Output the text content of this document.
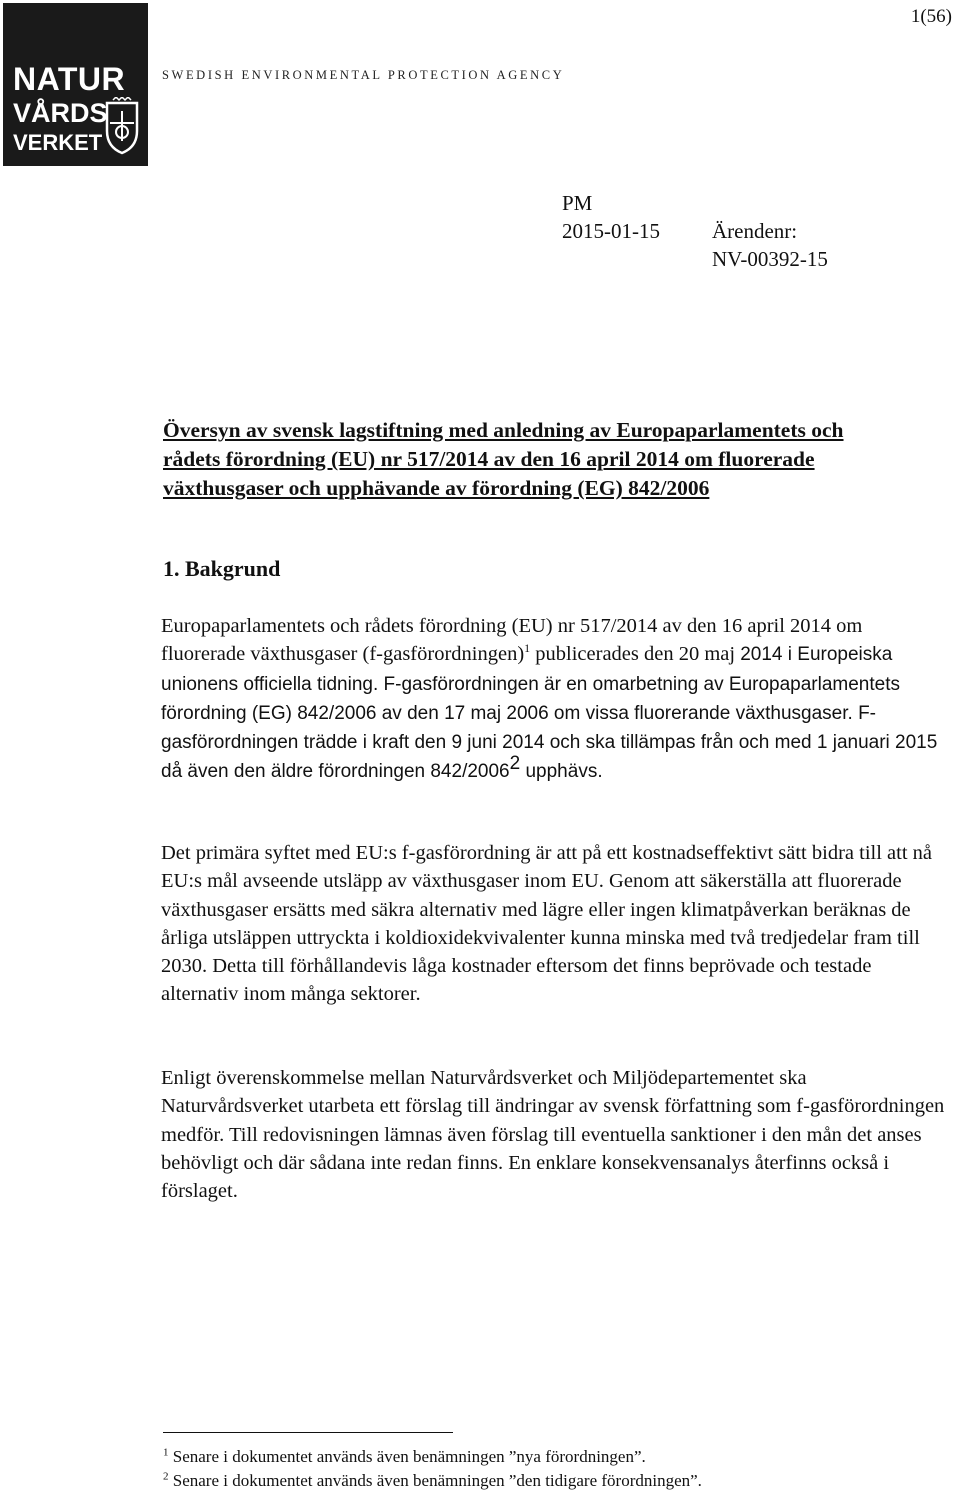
NATUR
VÅRDS
VERKET
SWEDISH ENVIRONMENTAL PROTECTION AGENCY
1(56)
PM
2015-01-15 Ärendenr:
NV-00392-15
Översyn av svensk lagstiftning med anledning av Europaparlamentets och
rådets förordning (EU) nr 517/2014 av den 16 april 2014 om fluorerade
växthusgaser och upphävande av förordning (EG) 842/2006
1. Bakgrund
Europaparlamentets och rådets förordning (EU) nr 517/2014 av den 16 april 2014 om fluorerade växthusgaser (f-gasförordningen)$^1$ publicerades den 20 maj 2014 i Europeiska unionens officiella tidning. F-gasförordningen är en omarbetning av Europaparlamentets förordning (EG) 842/2006 av den 17 maj 2006 om vissa fluorerande växthusgaser. F-gasförordningen trädde i kraft den 9 juni 2014 och ska tillämpas från och med 1 januari 2015 då även den äldre förordningen 842/2006$^2$ upphävs.
Det primära syftet med EU:s f-gasförordning är att på ett kostnadseffektivt sätt bidra till att nå EU:s mål avseende utsläpp av växthusgaser inom EU. Genom att säkerställa att fluorerade växthusgaser ersätts med säkra alternativ med lägre eller ingen klimatpåverkan beräknas de årliga utsläppen uttryckta i koldioxidekvivalenter kunna minska med två tredjedelar fram till 2030. Detta till förhållandevis låga kostnader eftersom det finns beprövade och testade alternativ inom många sektorer.
Enligt överenskommelse mellan Naturvårdsverket och Miljödepartementet ska Naturvårdsverket utarbeta ett förslag till ändringar av svensk författning som f-gasförordningen medför. Till redovisningen lämnas även förslag till eventuella sanktioner i den mån det anses behövligt och där sådana inte redan finns. En enklare konsekvensanalys återfinns också i förslaget.
$^1$ Senare i dokumentet används även benämningen ”nya förordningen”.
$^2$ Senare i dokumentet används även benämningen ”den tidigare förordningen”.
